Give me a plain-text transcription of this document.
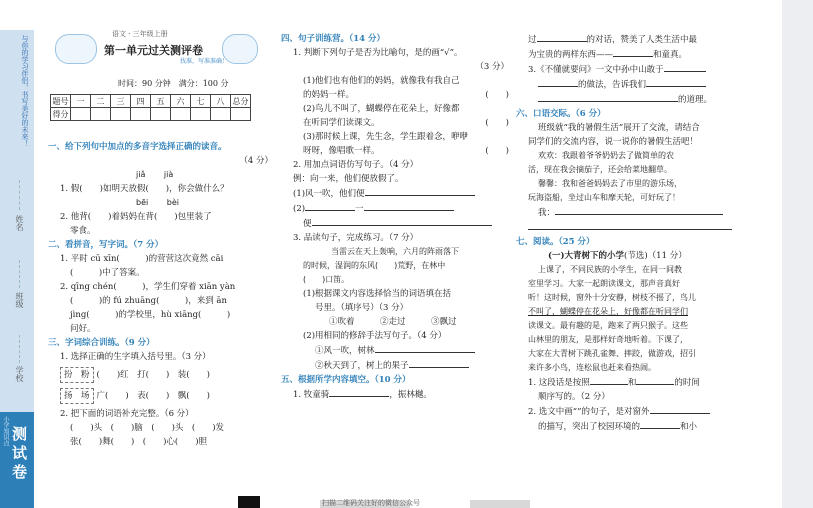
与你的学习伴侣，书写美好的未来！
姓名
班级
学校
小学知识点 测试卷
语文 · 三年级上册
第一单元过关测评卷
找准，写准准确！
时间：90 分钟　满分：100 分
题号	一	二	三	四	五	六	七	八	总分
得分									
一、给下列句中加点的多音字选择正确的读音。
（4 分）
jiǎ　　 jià
1. 假(　　)如明天放假(　　)，你会做什么？
bēi　　 bèi
2. 他背(　　)着妈妈在背(　　)包里装了
零食。
二、看拼音，写字词。（7 分）
1. 平时 cū xīn(　　　)的营营这次竟然 cāi
(　　　)中了答案。
2. qīng chén(　　　)，学生们穿着 xiān yàn
(　　　)的 fú zhuāng(　　　)，来到 ān
jìng(　　　)的学校里，hù xiāng(　　　)
问好。
三、字词综合训练。（9 分）
1. 选择正确的生字填入括号里。（3 分）
扮　粉 (　　)红　打(　　)　装(　　)
扬　场 广(　　)　表(　　)　飘(　　)
2. 把下面的词语补充完整。（6 分）
(　　)头　(　　)脑　(　　)头　(　　)发
张(　　)舞(　　)　(　　)心(　　)胆
四、句子训练营。（14 分）
1. 判断下列句子是否为比喻句，是的画“√”。
（3 分）
(1)他们也有他们的妈妈，就像我有我自己
的妈妈一样。	(　　)
(2)鸟儿不叫了，蝴蝶停在花朵上，好像都
在听同学们读课文。	(　　)
(3)那时候上课，先生念，学生跟着念，咿咿
呀呀，像唱歌一样。	(　　)
2. 用加点词语仿写句子。（4 分）
例：向一来，他们便放假了。
(1)风一吹，他们便
(2)	一
便
3. 品读句子，完成练习。（7 分）
当雷云在天上轰响，六月的阵雨落下
的时候，湿润的东风(　　)荒野，在林中
(　　)口笛。
(1)根据课文内容选择恰当的词语填在括
号里。（填序号）（3 分）
①吹着　　　②走过　　　③飘过
(2)用相同的修辞手法写句子。（4 分）
①风一吹，树林
②秋天到了，树上的果子
五、根据所学内容填空。（10 分）
1. 牧童骑	，振林樾。
过	的对话，赞美了人类生活中最
为宝贵的两样东西——	和童真。
3.《不懂就要问》一文中孙中山敢于
的做法，告诉我们
的道理。
六、口语交际。（6 分）
班级就“我的暑假生活”展开了交流，请结合
同学们的交流内容，说一说你的暑假生活吧！
欢欢：我跟着爷爷奶奶去了做简单的农
活，现在我会摘茄子，还会给菜地翻草。
馨馨：我和爸爸妈妈去了市里的游乐场，
玩海盗船，坐过山车和摩天轮，可好玩了！
我：
七、阅读。（25 分）
(一)大青树下的小学(节选)（11 分）
上课了，不同民族的小学生，在同一间教
室里学习。大家一起朗读课文，那声音真好
听！这时候，窗外十分安静，树枝不摇了，鸟儿
不叫了，蝴蝶停在花朵上，好像都在听同学们
读课文。最有趣的是，跑来了两只猴子。这些
山林里的朋友，是那样好奇地听着。下课了，
大家在大青树下跳孔雀舞、摔跤，做游戏，招引
来许多小鸟，连松鼠也赶来看热闹。
1. 这段话是按照	和	的时间
顺序写的。（2 分）
2. 选文中画“”的句子，是对窗外
的描写，突出了校园环境的	和小
扫描二维码关注好的微信公众号
